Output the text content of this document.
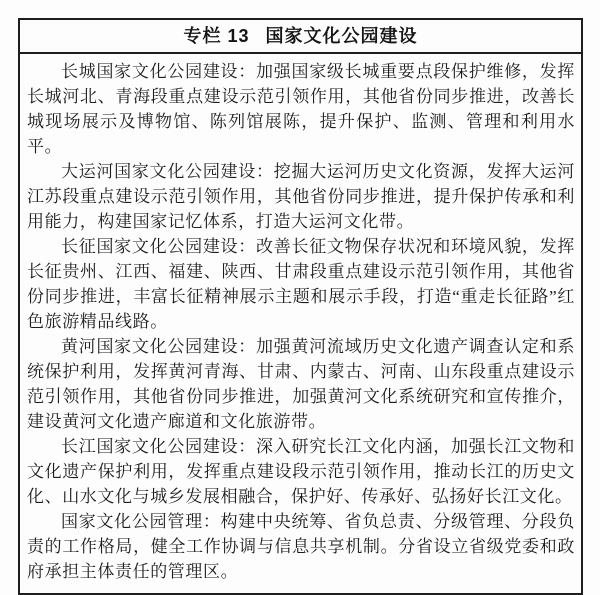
专栏 13 国家文化公园建设

长城国家文化公园建设：加强国家级长城重要点段保护维修，发挥长城河北、青海段重点建设示范引领作用，其他省份同步推进，改善长城现场展示及博物馆、陈列馆展陈，提升保护、监测、管理和利用水平。

大运河国家文化公园建设：挖掘大运河历史文化资源，发挥大运河江苏段重点建设示范引领作用，其他省份同步推进，提升保护传承和利用能力，构建国家记忆体系，打造大运河文化带。

长征国家文化公园建设：改善长征文物保存状况和环境风貌，发挥长征贵州、江西、福建、陕西、甘肃段重点建设示范引领作用，其他省份同步推进，丰富长征精神展示主题和展示手段，打造“重走长征路”红色旅游精品线路。

黄河国家文化公园建设：加强黄河流域历史文化遗产调查认定和系统保护利用，发挥黄河青海、甘肃、内蒙古、河南、山东段重点建设示范引领作用，其他省份同步推进，加强黄河文化系统研究和宣传推介，建设黄河文化遗产廊道和文化旅游带。

长江国家文化公园建设：深入研究长江文化内涵，加强长江文物和文化遗产保护利用，发挥重点建设段示范引领作用，推动长江的历史文化、山水文化与城乡发展相融合，保护好、传承好、弘扬好长江文化。

国家文化公园管理：构建中央统筹、省负总责、分级管理、分段负责的工作格局，健全工作协调与信息共享机制。分省设立省级党委和政府承担主体责任的管理区。
